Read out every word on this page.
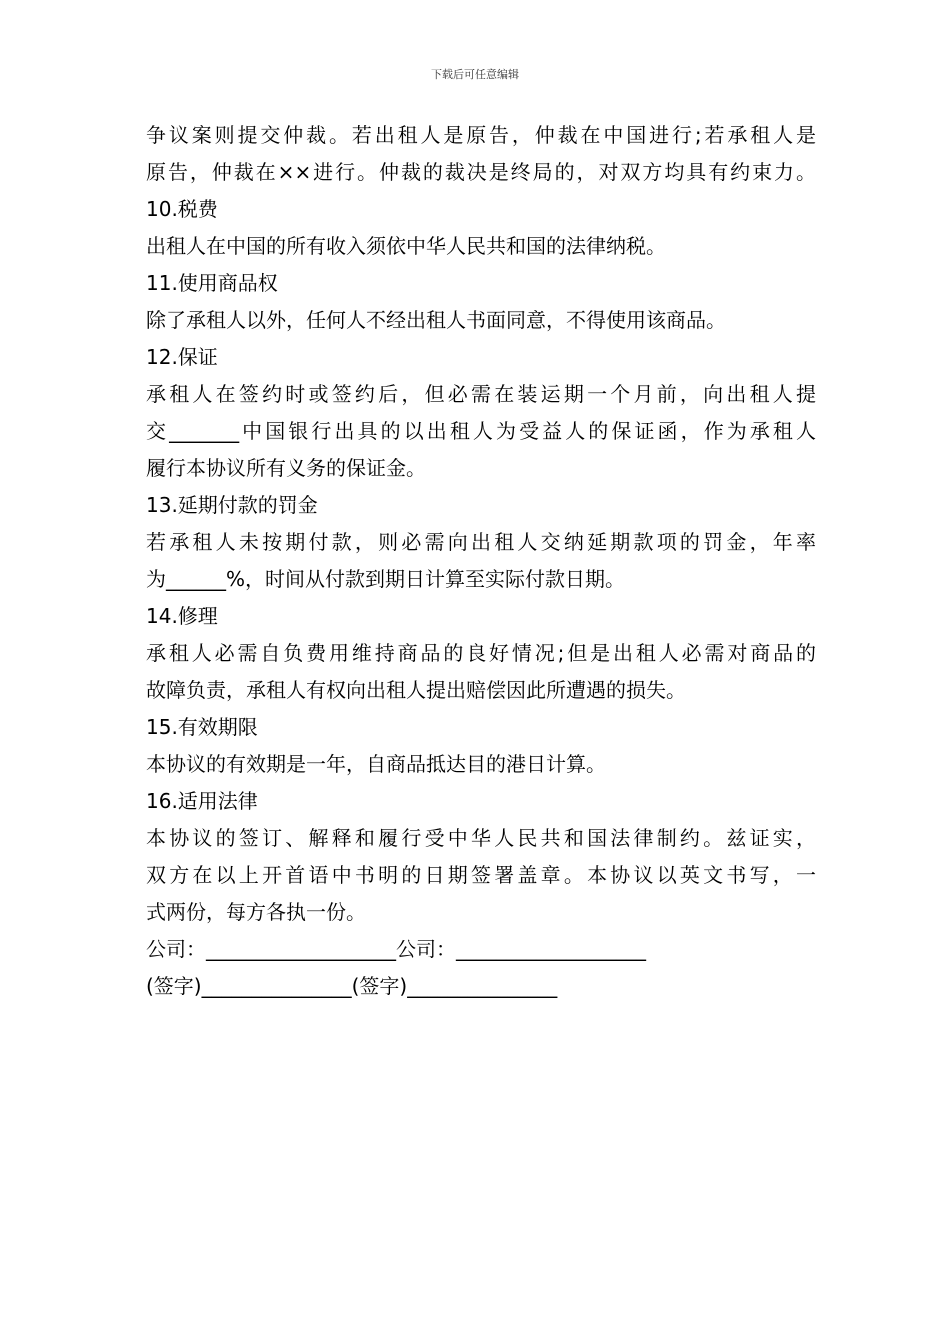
下载后可任意编辑
争议案则提交仲裁。若出租人是原告，仲裁在中国进行;若承租人是
原告，仲裁在××进行。仲裁的裁决是终局的，对双方均具有约束力。
10.税费
出租人在中国的所有收入须依中华人民共和国的法律纳税。
11.使用商品权
除了承租人以外，任何人不经出租人书面同意，不得使用该商品。
12.保证
承租人在签约时或签约后，但必需在装运期一个月前，向出租人提
交_______中国银行出具的以出租人为受益人的保证函，作为承租人
履行本协议所有义务的保证金。
13.延期付款的罚金
若承租人未按期付款，则必需向出租人交纳延期款项的罚金，年率
为______%，时间从付款到期日计算至实际付款日期。
14.修理
承租人必需自负费用维持商品的良好情况;但是出租人必需对商品的
故障负责，承租人有权向出租人提出赔偿因此所遭遇的损失。
15.有效期限
本协议的有效期是一年，自商品抵达目的港日计算。
16.适用法律
本协议的签订、解释和履行受中华人民共和国法律制约。兹证实，
双方在以上开首语中书明的日期签署盖章。本协议以英文书写，一
式两份，每方各执一份。
公司：___________________公司：___________________
(签字)_______________(签字)_______________
